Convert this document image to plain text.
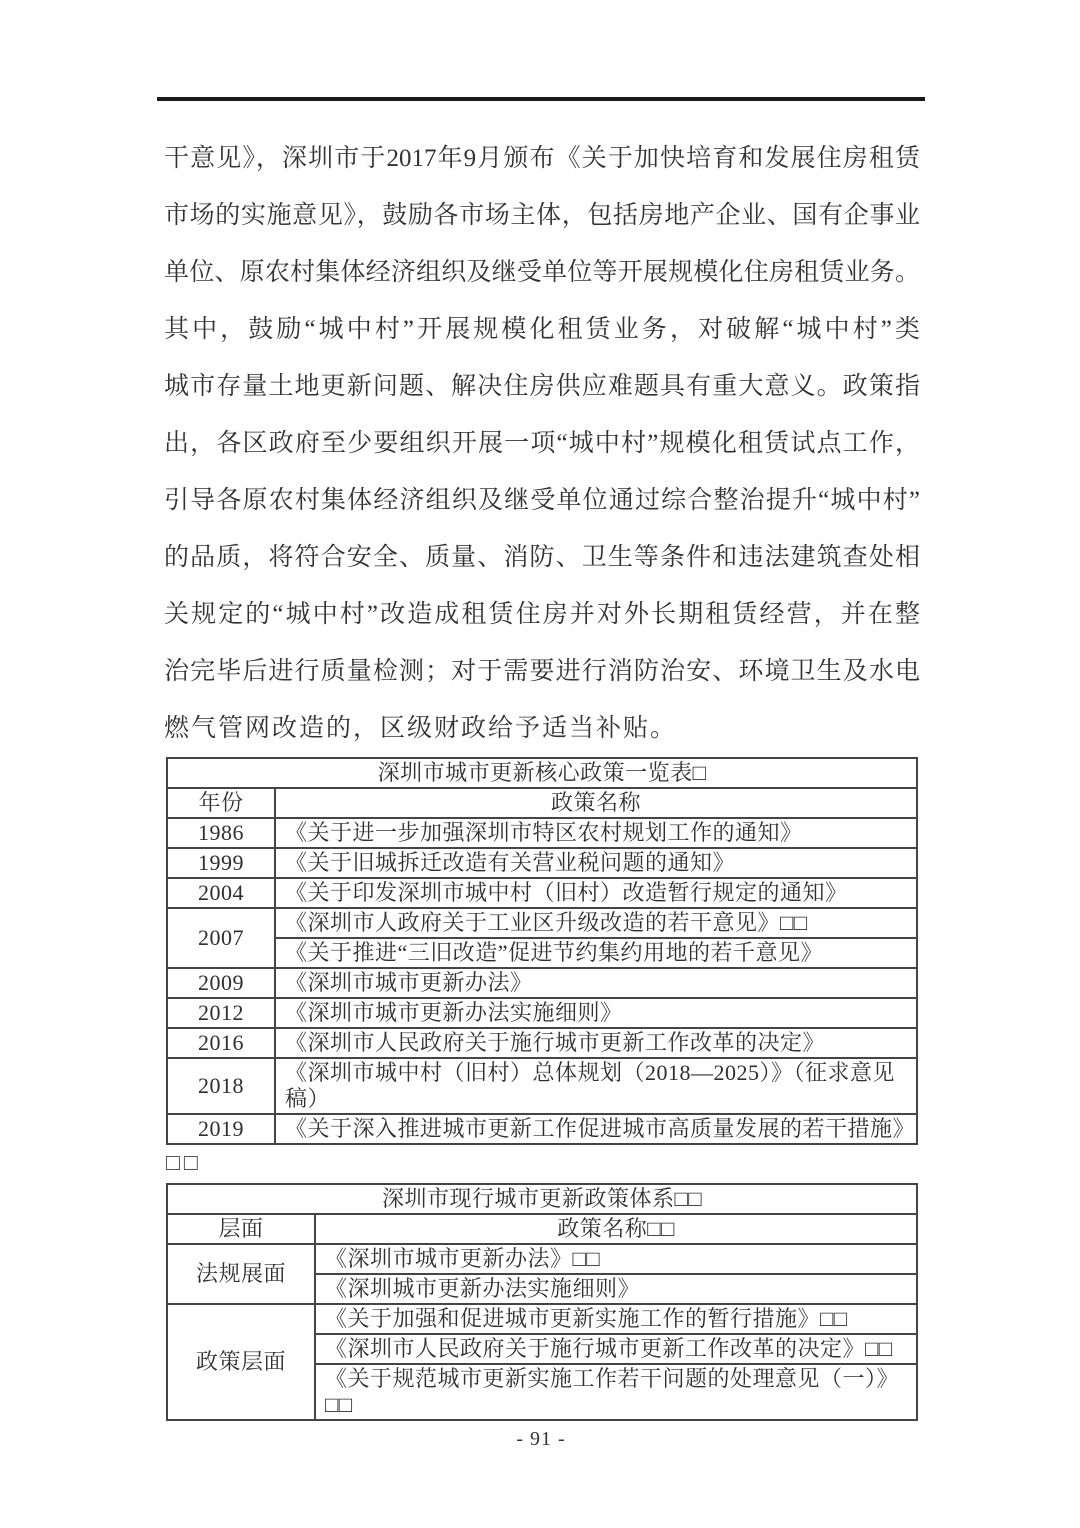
干意见》，深圳市于2017年9月颁布《关于加快培育和发展住房租赁
市场的实施意见》，鼓励各市场主体，包括房地产企业、国有企事业
单位、原农村集体经济组织及继受单位等开展规模化住房租赁业务。
其中，鼓励“城中村”开展规模化租赁业务，对破解“城中村”类
城市存量土地更新问题、解决住房供应难题具有重大意义。政策指
出，各区政府至少要组织开展一项“城中村”规模化租赁试点工作，
引导各原农村集体经济组织及继受单位通过综合整治提升“城中村”
的品质，将符合安全、质量、消防、卫生等条件和违法建筑查处相
关规定的“城中村”改造成租赁住房并对外长期租赁经营，并在整
治完毕后进行质量检测；对于需要进行消防治安、环境卫生及水电
燃气管网改造的，区级财政给予适当补贴。
深圳市城市更新核心政策一览表□	
年份	政策名称
1986	《关于进一步加强深圳市特区农村规划工作的通知》
1999	《关于旧城拆迁改造有关营业税问题的通知》
2004	《关于印发深圳市城中村（旧村）改造暂行规定的通知》
2007	《深圳市人政府关于工业区升级改造的若干意见》□□
	《关于推进“三旧改造”促进节约集约用地的若千意见》
2009	《深圳市城市更新办法》
2012	《深圳市城市更新办法实施细则》
2016	《深圳市人民政府关于施行城市更新工作改革的决定》
2018	《深圳市城中村（旧村）总体规划（2018—2025）》（征求意见稿）
2019	《关于深入推进城市更新工作促进城市高质量发展的若干措施》
□□
深圳市现行城市更新政策体系□□	
层面	政策名称□□
法规展面	《深圳市城市更新办法》□□
	《深圳城市更新办法实施细则》
政策层面	《关于加强和促进城市更新实施工作的暂行措施》□□
	《深圳市人民政府关于施行城市更新工作改革的决定》□□
	《关于规范城市更新实施工作若干问题的处理意见（一）》□□
- 91 -
